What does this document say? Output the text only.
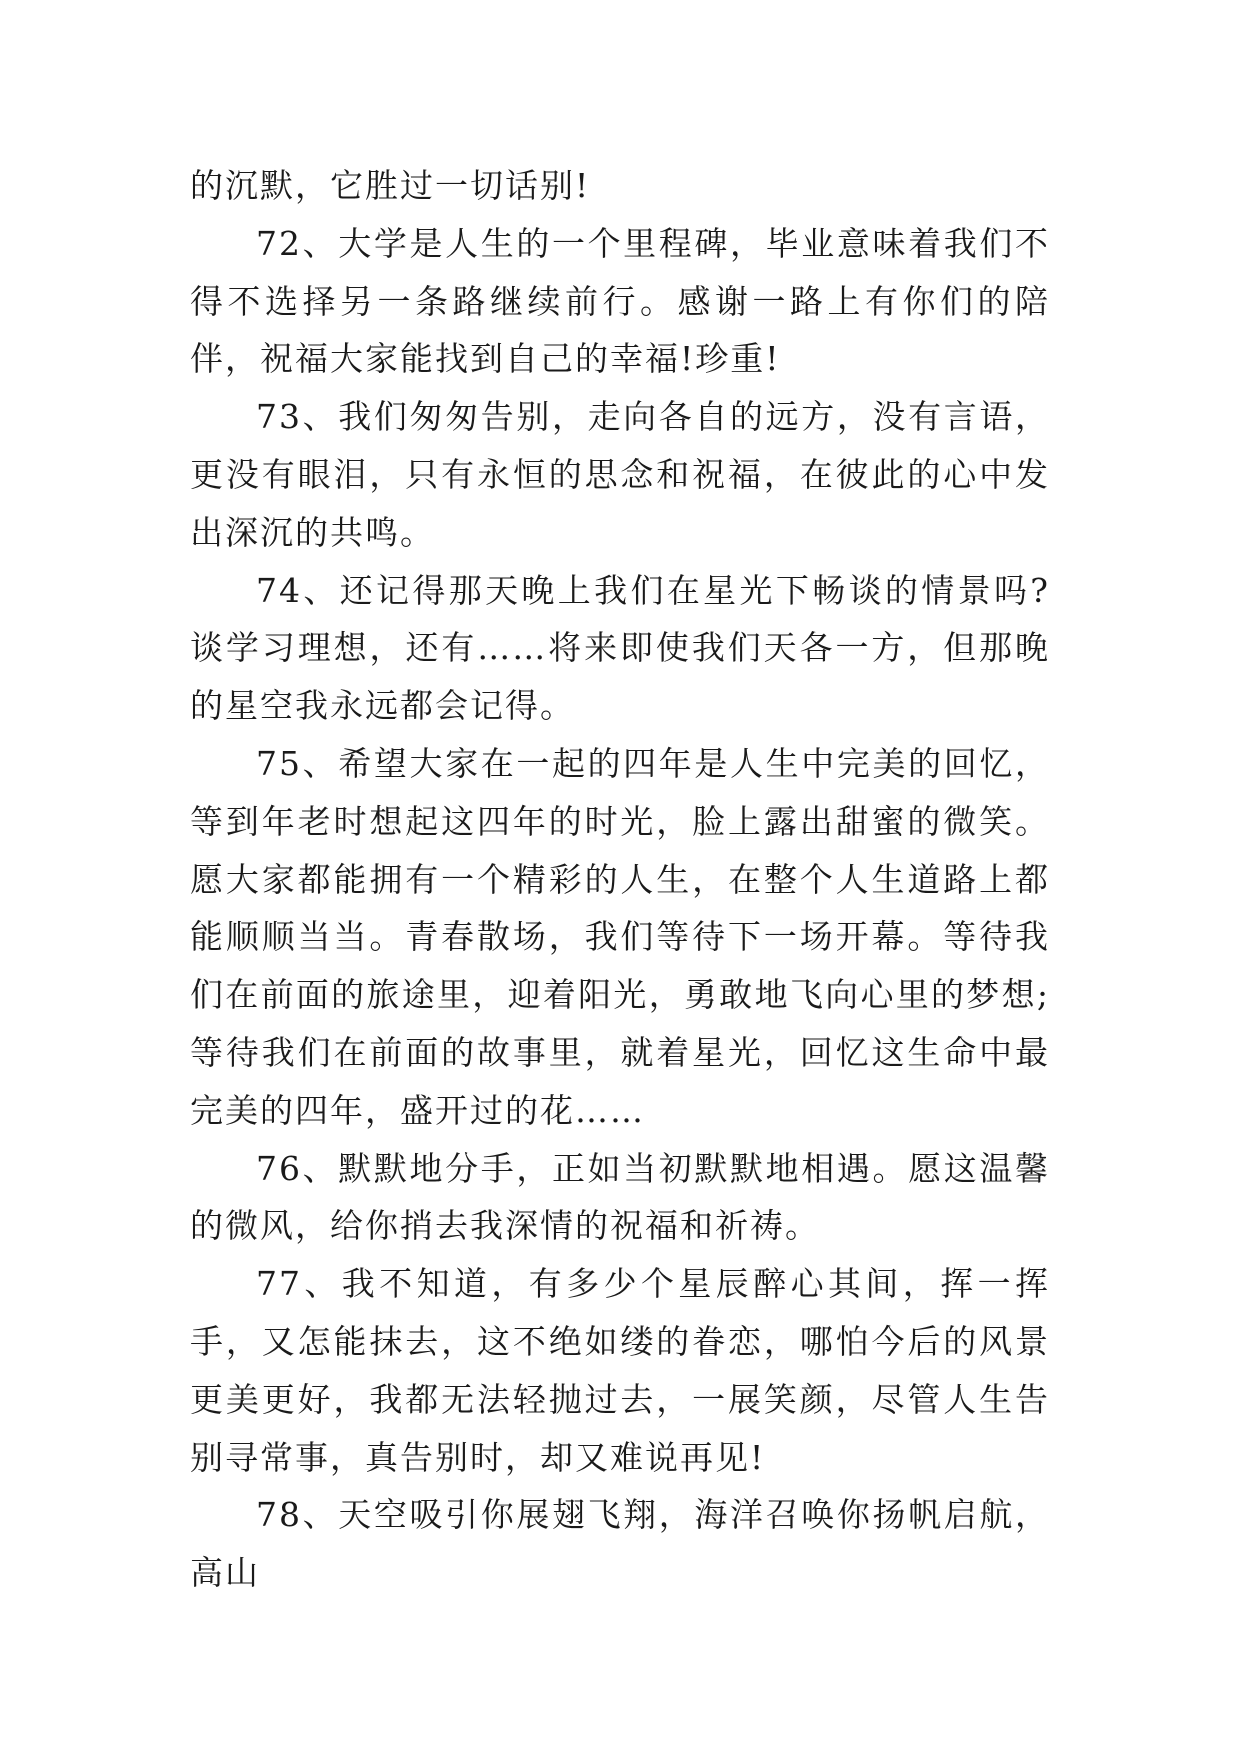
的沉默，它胜过一切话别!

72、大学是人生的一个里程碑，毕业意味着我们不得不选择另一条路继续前行。感谢一路上有你们的陪伴，祝福大家能找到自己的幸福!珍重!

73、我们匆匆告别，走向各自的远方，没有言语，更没有眼泪，只有永恒的思念和祝福，在彼此的心中发出深沉的共鸣。

74、还记得那天晚上我们在星光下畅谈的情景吗?谈学习理想，还有……将来即使我们天各一方，但那晚的星空我永远都会记得。

75、希望大家在一起的四年是人生中完美的回忆，等到年老时想起这四年的时光，脸上露出甜蜜的微笑。愿大家都能拥有一个精彩的人生，在整个人生道路上都能顺顺当当。青春散场，我们等待下一场开幕。等待我们在前面的旅途里，迎着阳光，勇敢地飞向心里的梦想;等待我们在前面的故事里，就着星光，回忆这生命中最完美的四年，盛开过的花……

76、默默地分手，正如当初默默地相遇。愿这温馨的微风，给你捎去我深情的祝福和祈祷。

77、我不知道，有多少个星辰醉心其间，挥一挥手，又怎能抹去，这不绝如缕的眷恋，哪怕今后的风景更美更好，我都无法轻抛过去，一展笑颜，尽管人生告别寻常事，真告别时，却又难说再见!

78、天空吸引你展翅飞翔，海洋召唤你扬帆启航，高山
